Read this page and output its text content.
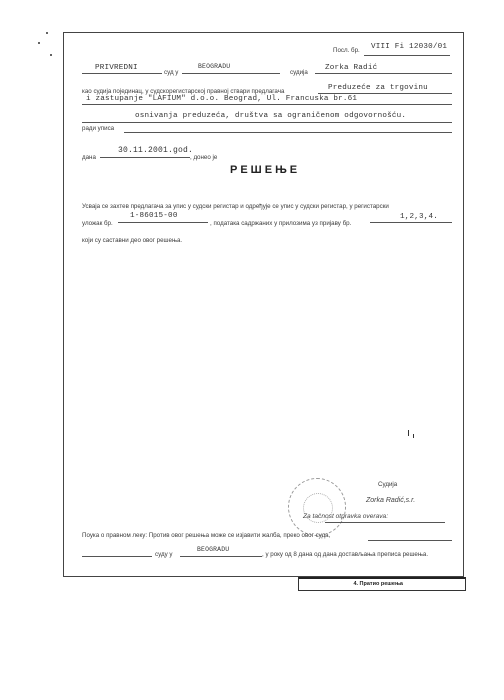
Посл. бр. VIII Fi 12030/01
PRIVREDNI
суд у
BEOGRADU
судија
Zorka Radić
као судија појединац, у судскорегистарској правној ствари предлагача	Preduzeće za trgovinu
i zastupanje "LAFIUM" d.o.o. Beograd, Ul. Francuska br.61
osnivanja preduzeća, društva sa ograničenom odgovornošću.
ради уписа
дана
30.11.2001.god.
, донео је
РЕШЕЊЕ
Усваја се захтев предлагача за упис у судски регистар и одређује се упис у судски регистар, у регистарски
уложак бр.
1-86015-00
, података садржаних у прилозима уз пријаву бр.
1,2,3,4.
који су саставни део овог решења.
Судија
Zorka Radić,s.r.
Za tačnost otpravka overava:
Поука о правном леку: Против овог решења може се изјавити жалба, преко овог суда,
суду у
BEOGRADU
, у року од 8 дана од дана достављања преписа решења.
4. Пратио решења
